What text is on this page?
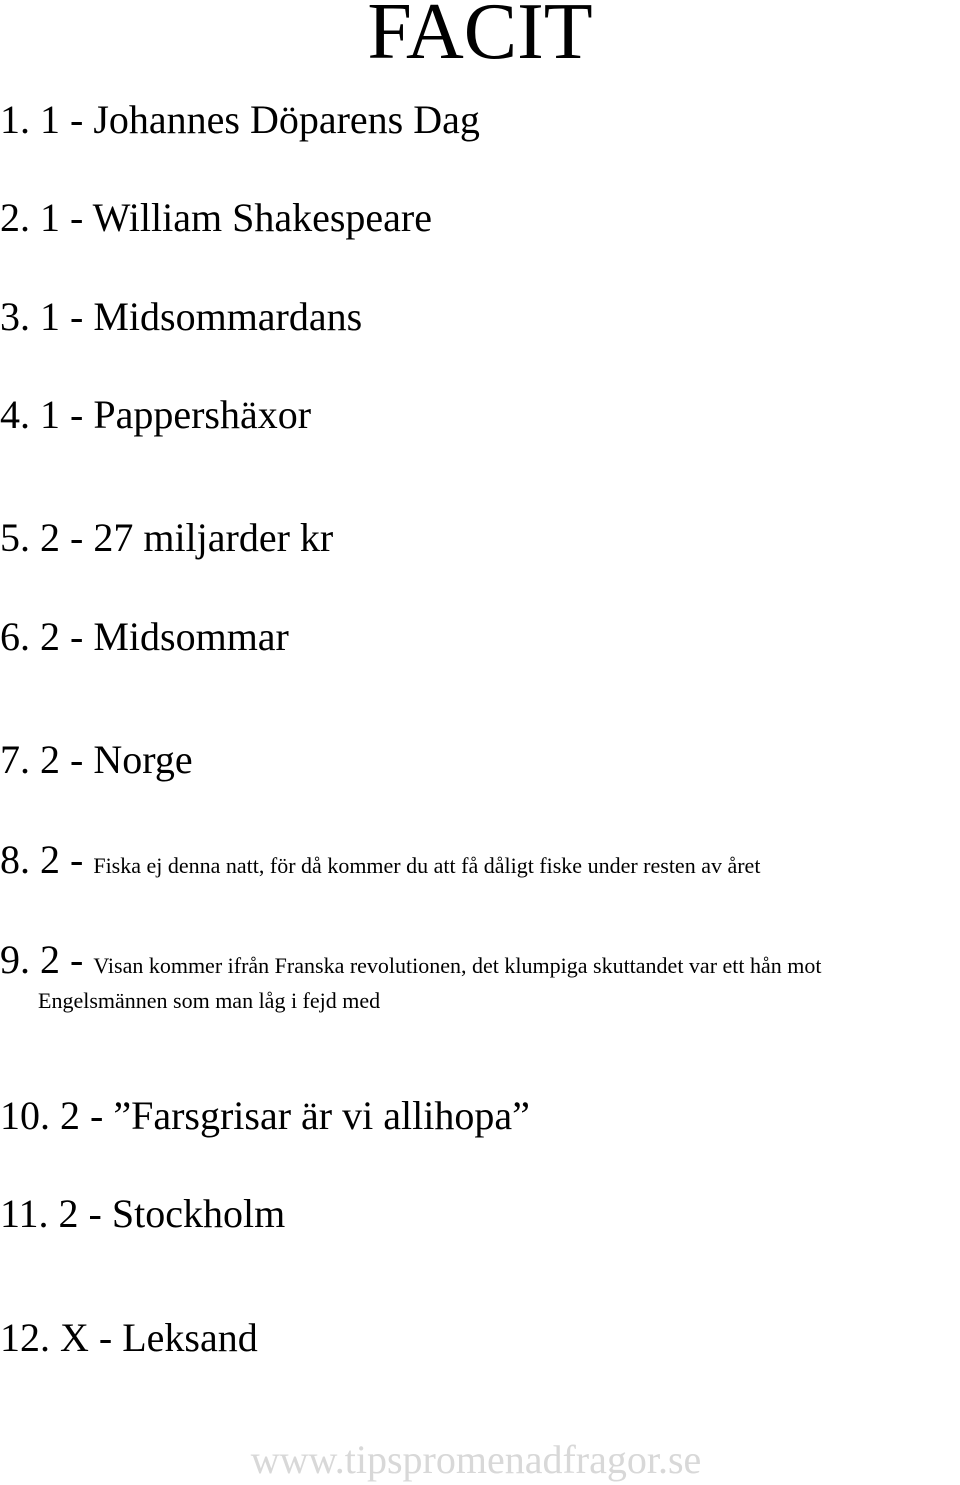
FACIT
1. 1 - Johannes Döparens Dag
2. 1 - William Shakespeare
3. 1 - Midsommardans
4. 1 - Pappershäxor
5. 2 - 27 miljarder kr
6. 2 - Midsommar
7. 2 - Norge
8. 2 - Fiska ej denna natt, för då kommer du att få dåligt fiske under resten av året
9. 2 - Visan kommer ifrån Franska revolutionen, det klumpiga skuttandet var ett hån mot
Engelsmännen som man låg i fejd med
10. 2 - ”Farsgrisar är vi allihopa”
11. 2 - Stockholm
12. X - Leksand
www.tipspromenadfragor.se
